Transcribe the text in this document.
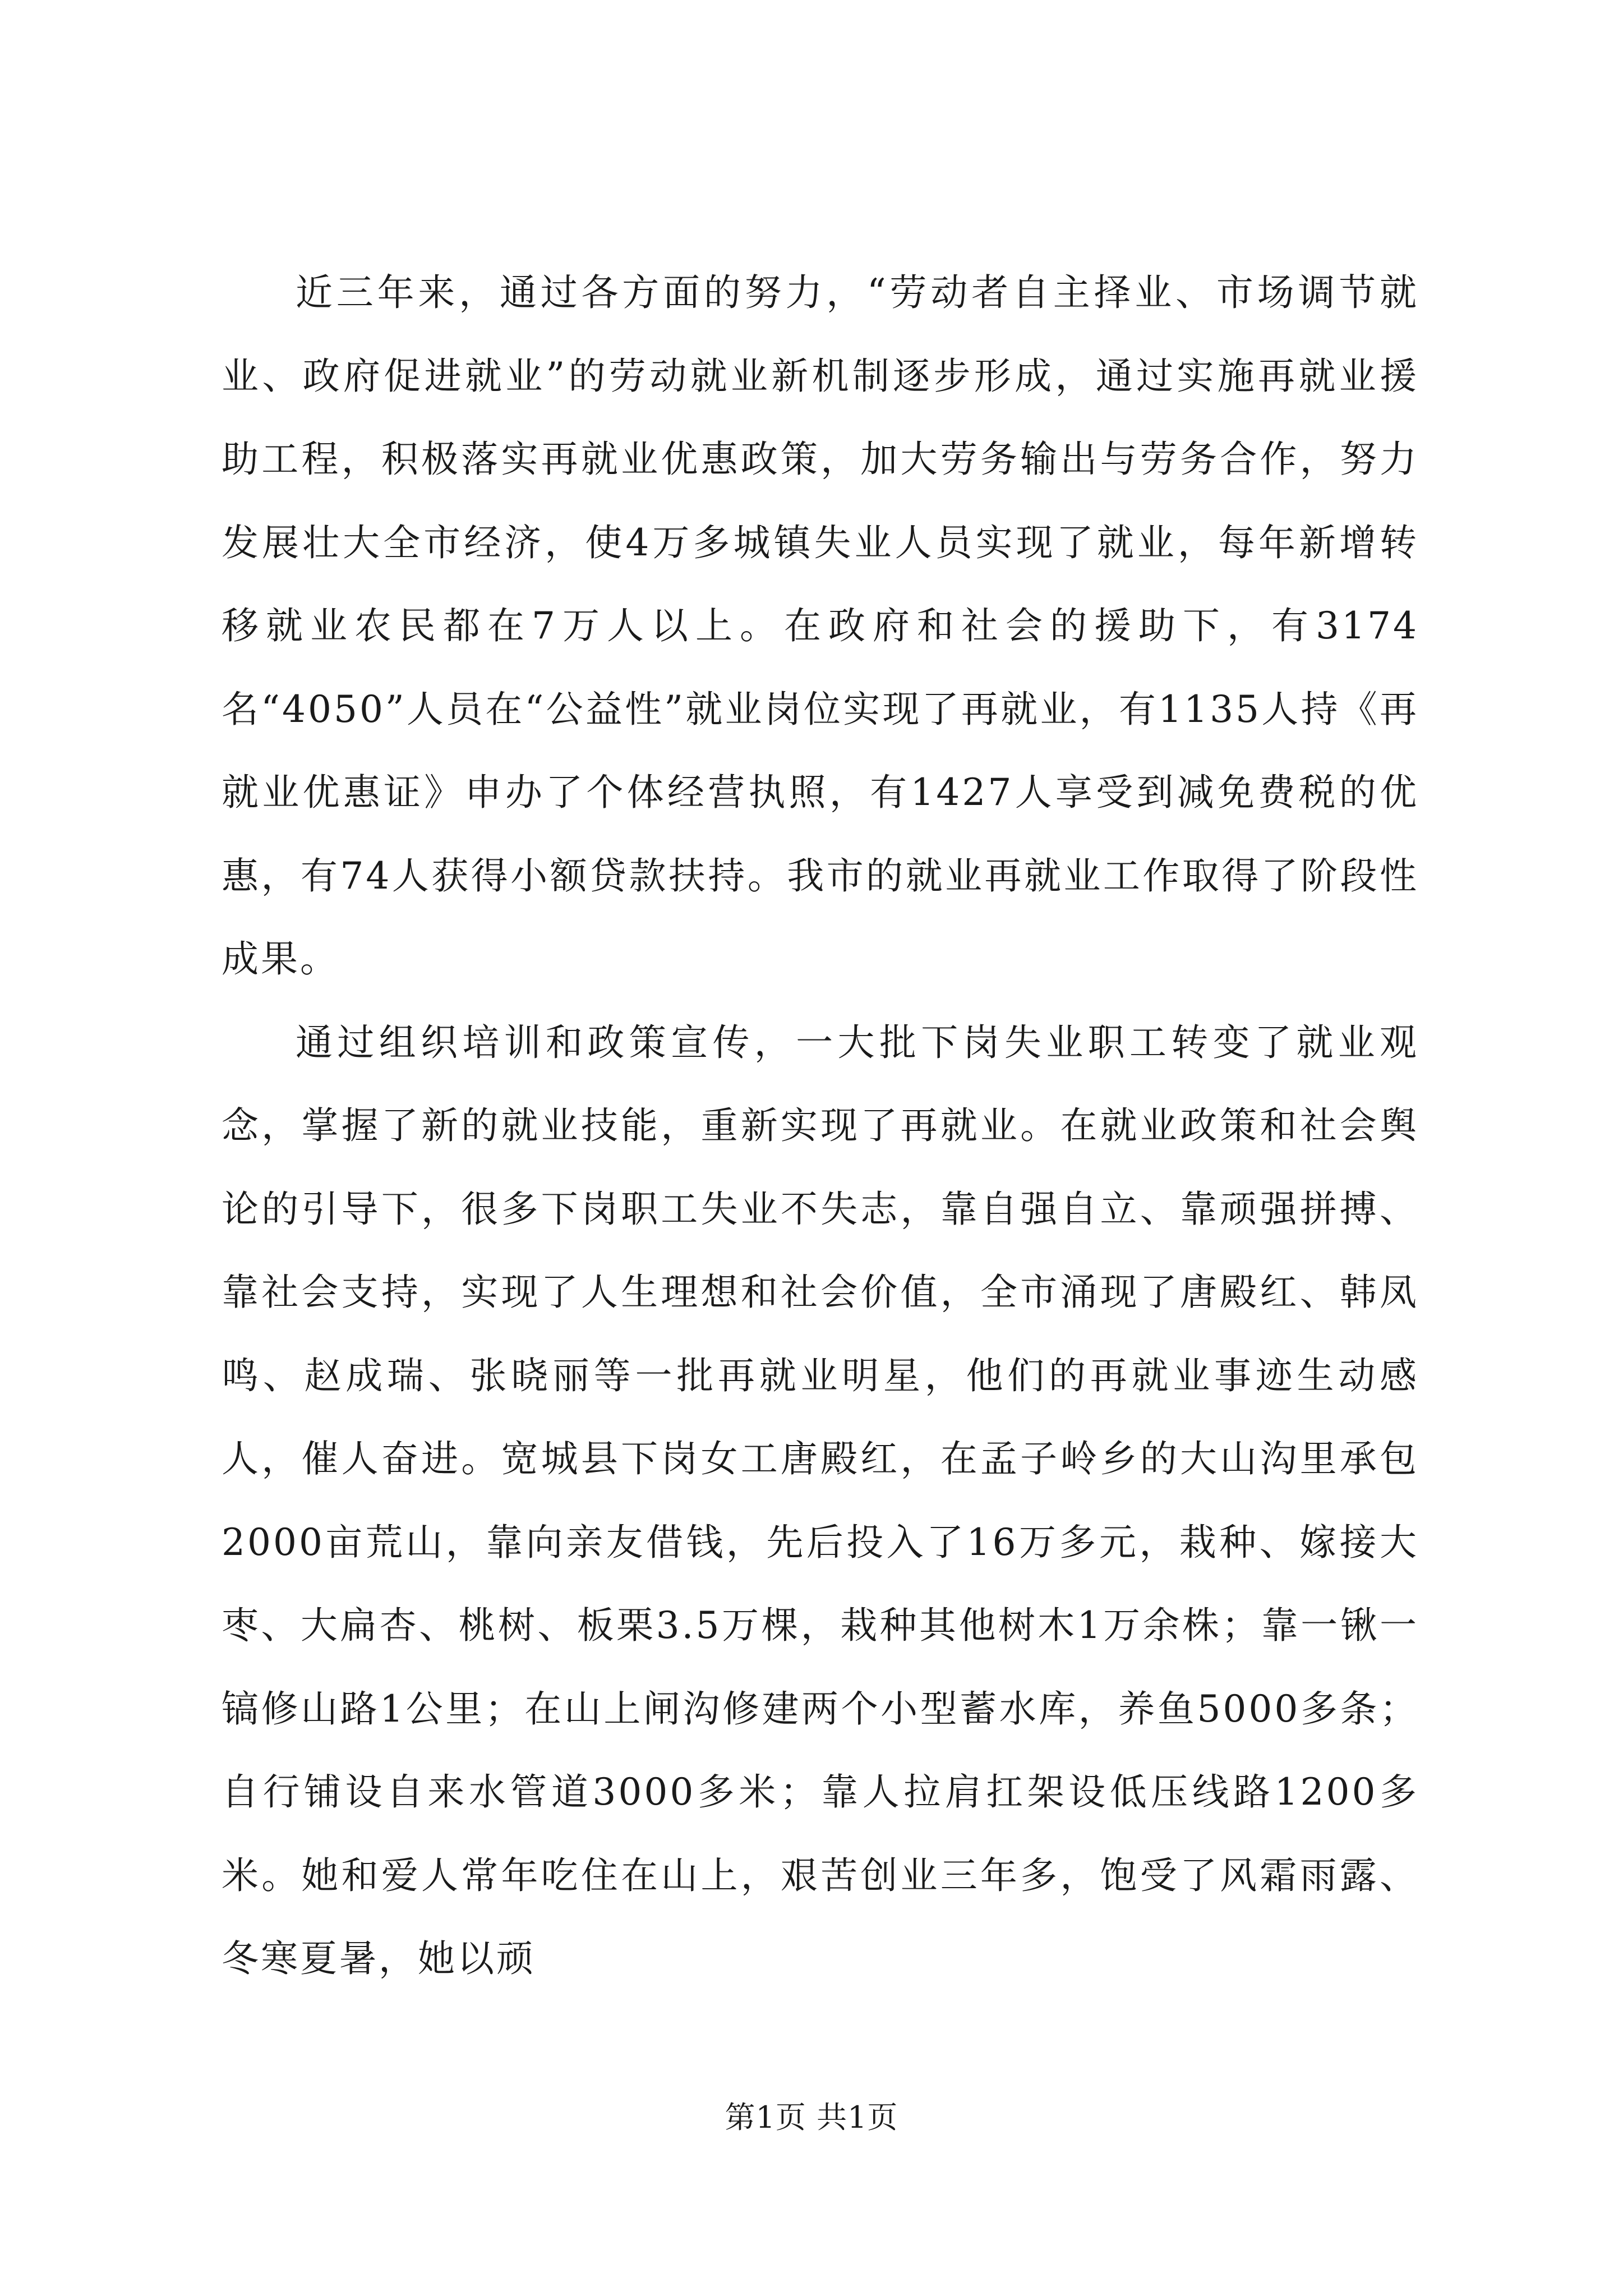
近三年来，通过各方面的努力，“劳动者自主择业、市场调节就业、政府促进就业”的劳动就业新机制逐步形成，通过实施再就业援助工程，积极落实再就业优惠政策，加大劳务输出与劳务合作，努力发展壮大全市经济，使4万多城镇失业人员实现了就业，每年新增转移就业农民都在7万人以上。在政府和社会的援助下，有3174名“4050”人员在“公益性”就业岗位实现了再就业，有1135人持《再就业优惠证》申办了个体经营执照，有1427人享受到减免费税的优惠，有74人获得小额贷款扶持。我市的就业再就业工作取得了阶段性成果。

通过组织培训和政策宣传，一大批下岗失业职工转变了就业观念，掌握了新的就业技能，重新实现了再就业。在就业政策和社会舆论的引导下，很多下岗职工失业不失志，靠自强自立、靠顽强拼搏、靠社会支持，实现了人生理想和社会价值，全市涌现了唐殿红、韩凤鸣、赵成瑞、张晓丽等一批再就业明星，他们的再就业事迹生动感人，催人奋进。宽城县下岗女工唐殿红，在孟子岭乡的大山沟里承包2000亩荒山，靠向亲友借钱，先后投入了16万多元，栽种、嫁接大枣、大扁杏、桃树、板栗3.5万棵，栽种其他树木1万余株；靠一锹一镐修山路1公里；在山上闸沟修建两个小型蓄水库，养鱼5000多条；自行铺设自来水管道3000多米；靠人拉肩扛架设低压线路1200多米。她和爱人常年吃住在山上，艰苦创业三年多，饱受了风霜雨露、冬寒夏暑，她以顽

第1页 共1页
